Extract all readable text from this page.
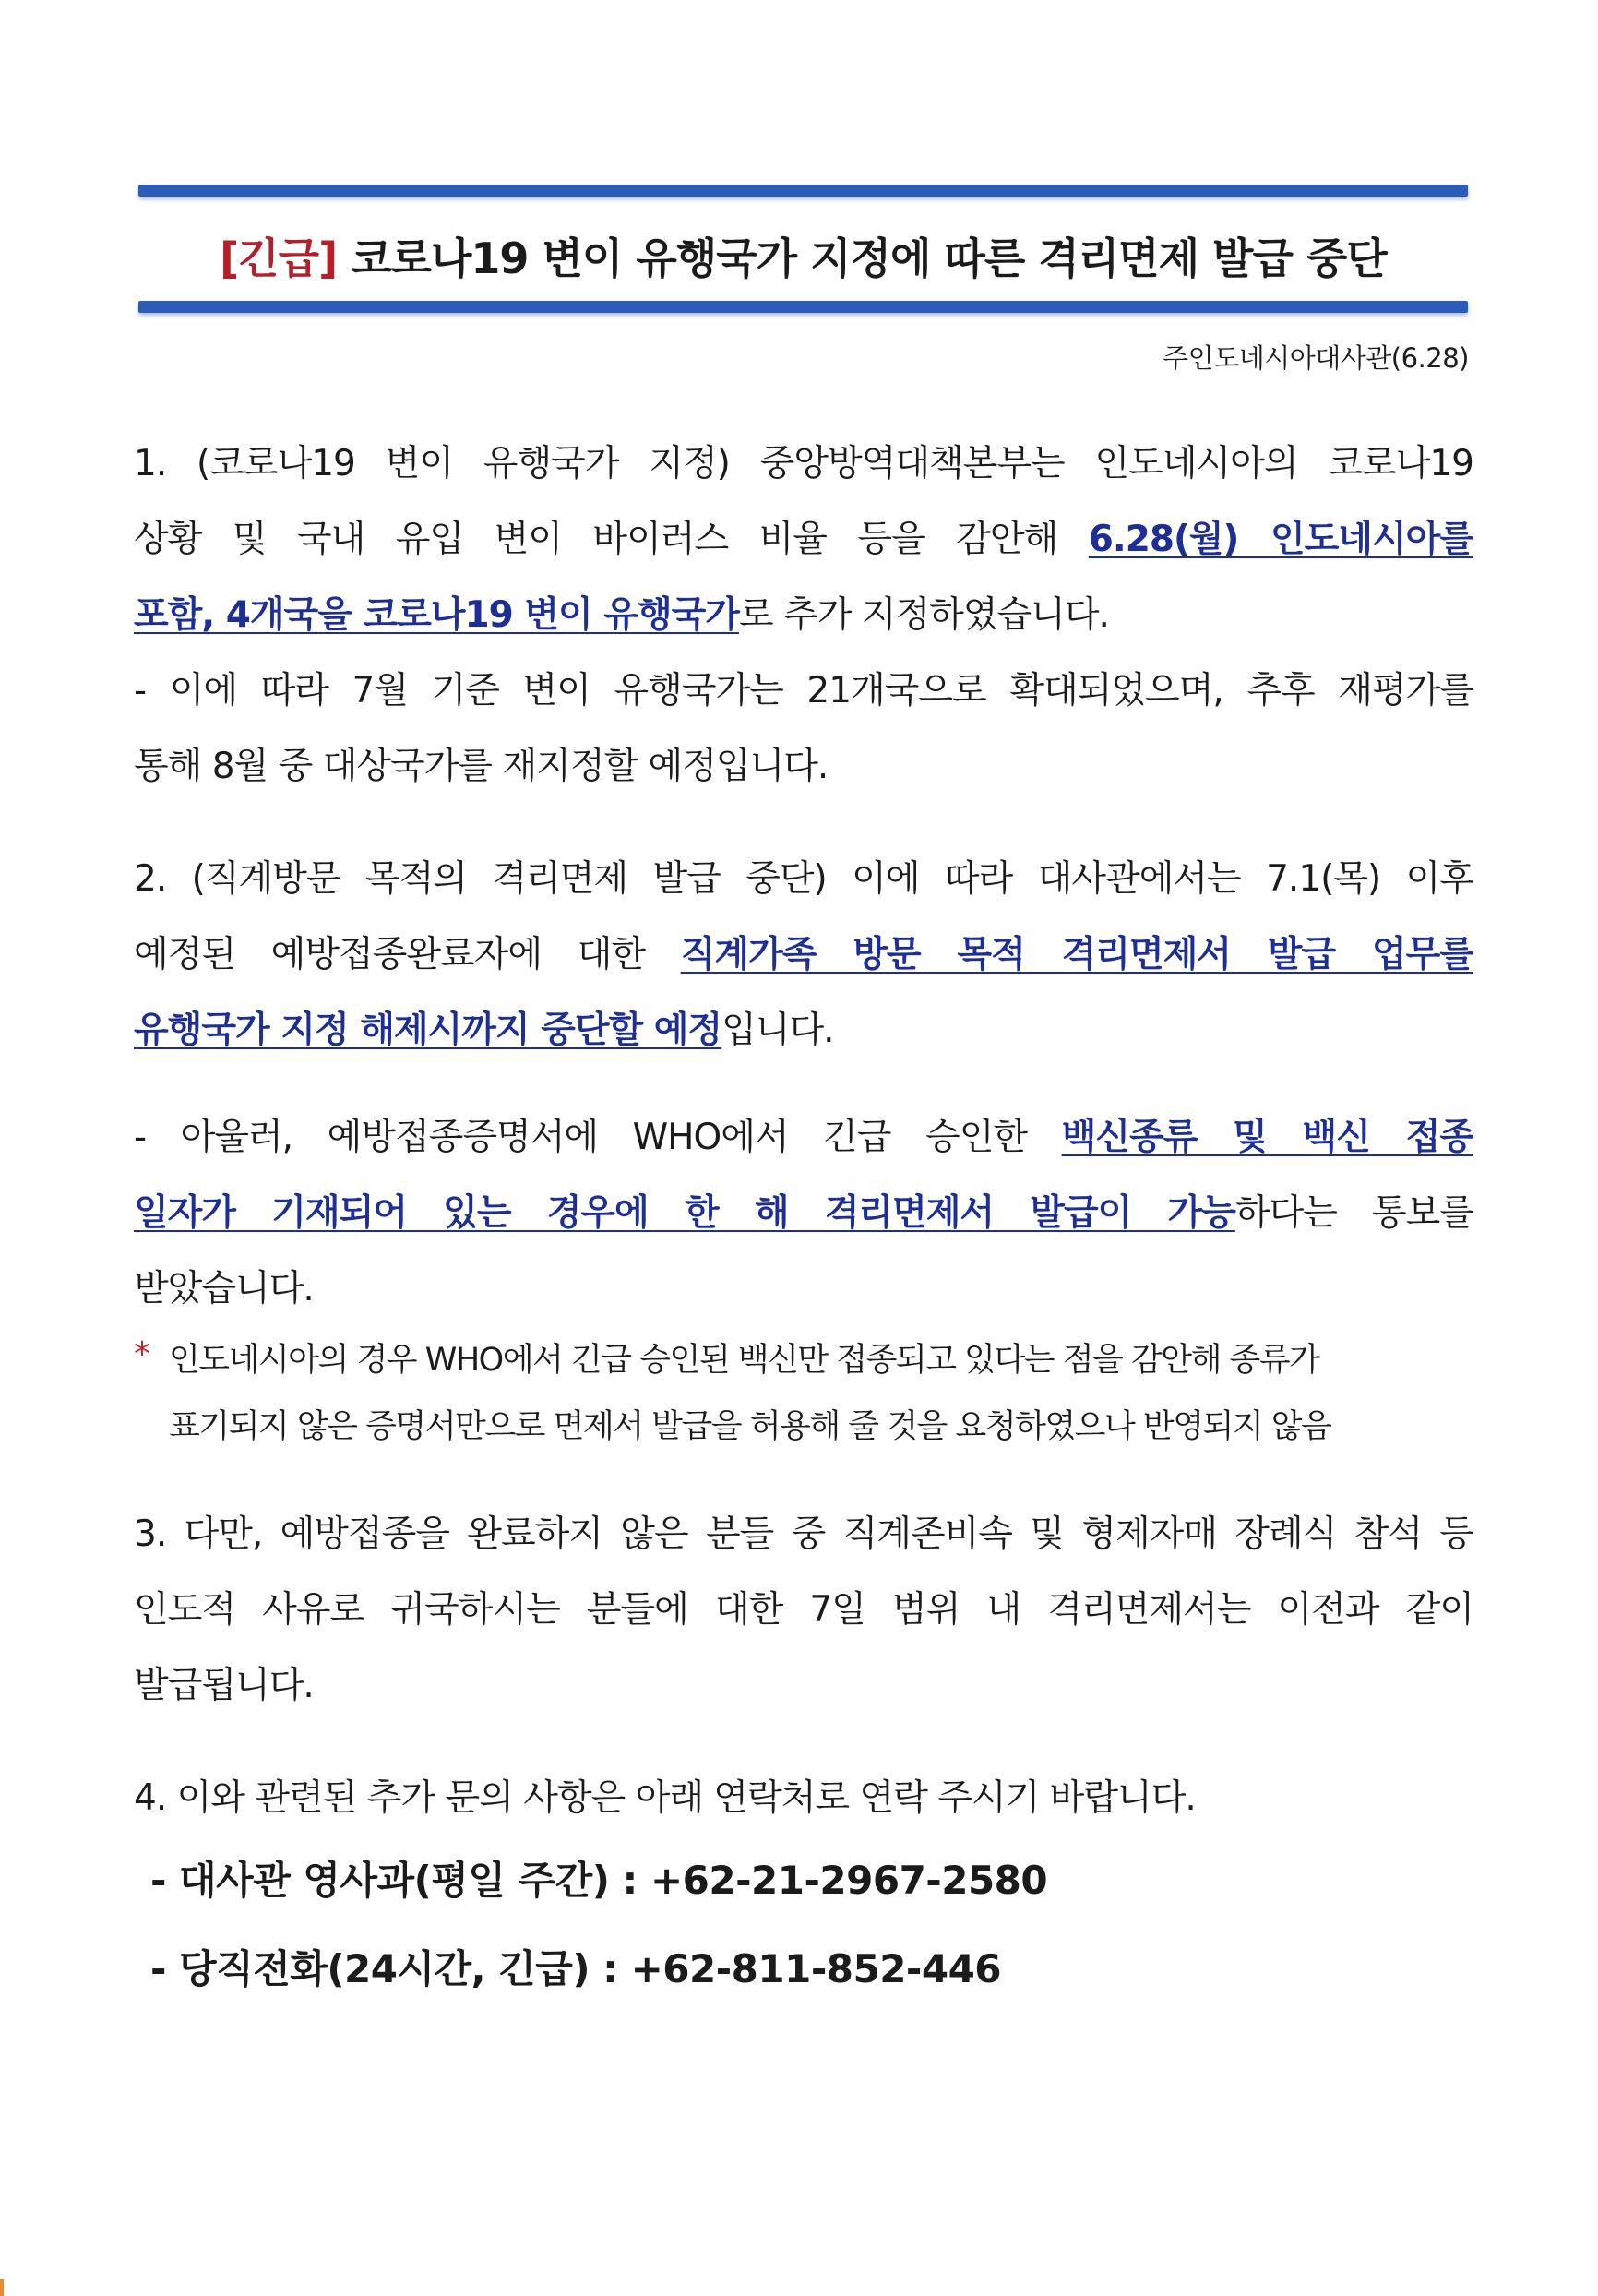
[긴급] 코로나19 변이 유행국가 지정에 따른 격리면제 발급 중단
주인도네시아대사관(6.28)
1. (코로나19 변이 유행국가 지정) 중앙방역대책본부는 인도네시아의 코로나19
상황 및 국내 유입 변이 바이러스 비율 등을 감안해 6.28(월) 인도네시아를
포함, 4개국을 코로나19 변이 유행국가로 추가 지정하였습니다.
- 이에 따라 7월 기준 변이 유행국가는 21개국으로 확대되었으며, 추후 재평가를
통해 8월 중 대상국가를 재지정할 예정입니다.
2. (직계방문 목적의 격리면제 발급 중단) 이에 따라 대사관에서는 7.1(목) 이후
예정된 예방접종완료자에 대한 직계가족 방문 목적 격리면제서 발급 업무를
유행국가 지정 해제시까지 중단할 예정입니다.
- 아울러, 예방접종증명서에 WHO에서 긴급 승인한 백신종류 및 백신 접종
일자가 기재되어 있는 경우에 한 해 격리면제서 발급이 가능하다는 통보를
받았습니다.
* 인도네시아의 경우 WHO에서 긴급 승인된 백신만 접종되고 있다는 점을 감안해 종류가
표기되지 않은 증명서만으로 면제서 발급을 허용해 줄 것을 요청하였으나 반영되지 않음
3. 다만, 예방접종을 완료하지 않은 분들 중 직계존비속 및 형제자매 장례식 참석 등
인도적 사유로 귀국하시는 분들에 대한 7일 범위 내 격리면제서는 이전과 같이
발급됩니다.
4. 이와 관련된 추가 문의 사항은 아래 연락처로 연락 주시기 바랍니다.
- 대사관 영사과(평일 주간) : +62-21-2967-2580
- 당직전화(24시간, 긴급) : +62-811-852-446
